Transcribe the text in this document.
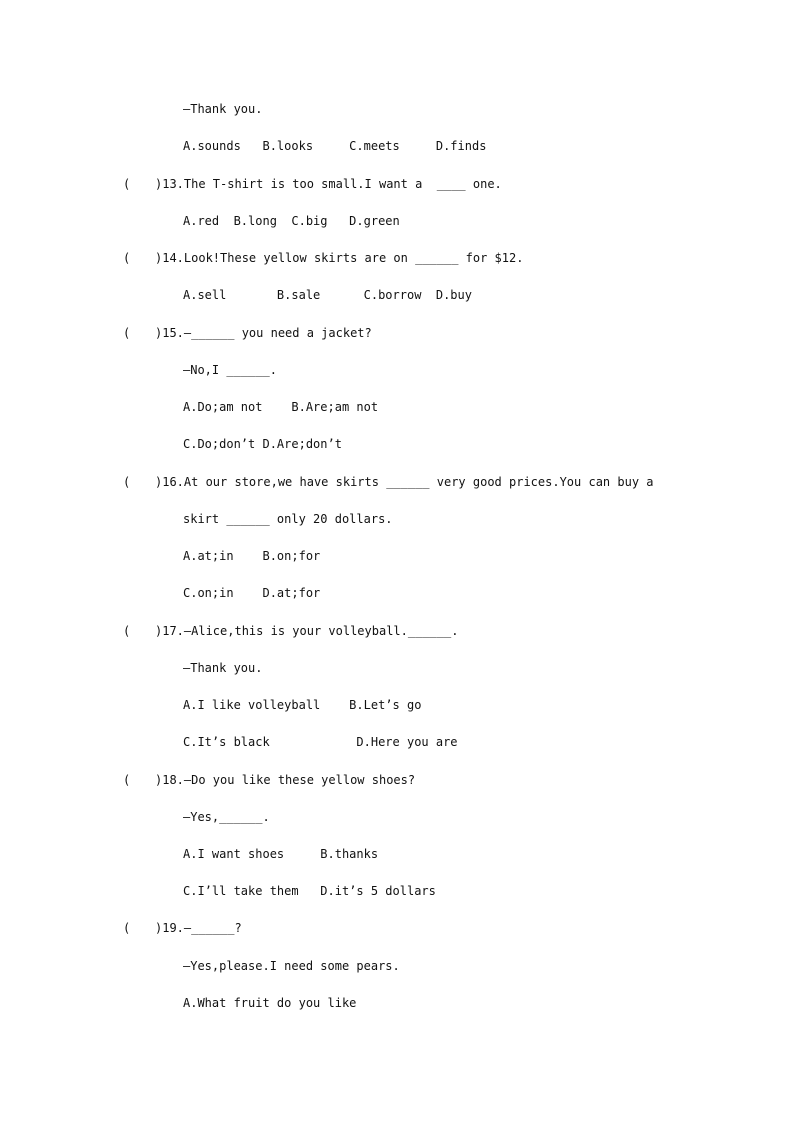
—Thank you.
A.sounds   B.looks     C.meets     D.finds
( )13.The T-shirt is too small.I want a  ____ one.
A.red  B.long  C.big   D.green
( )14.Look!These yellow skirts are on ______ for $12.
A.sell       B.sale      C.borrow  D.buy
( )15.—______ you need a jacket?
—No,I ______.
A.Do;am not    B.Are;am not
C.Do;don’t D.Are;don’t
( )16.At our store,we have skirts ______ very good prices.You can buy a
skirt ______ only 20 dollars.
A.at;in    B.on;for
C.on;in    D.at;for
( )17.—Alice,this is your volleyball.______.
—Thank you.
A.I like volleyball    B.Let’s go
C.It’s black            D.Here you are
( )18.—Do you like these yellow shoes?
—Yes,______.
A.I want shoes     B.thanks
C.I’ll take them   D.it’s 5 dollars
( )19.—______?
—Yes,please.I need some pears.
A.What fruit do you like
